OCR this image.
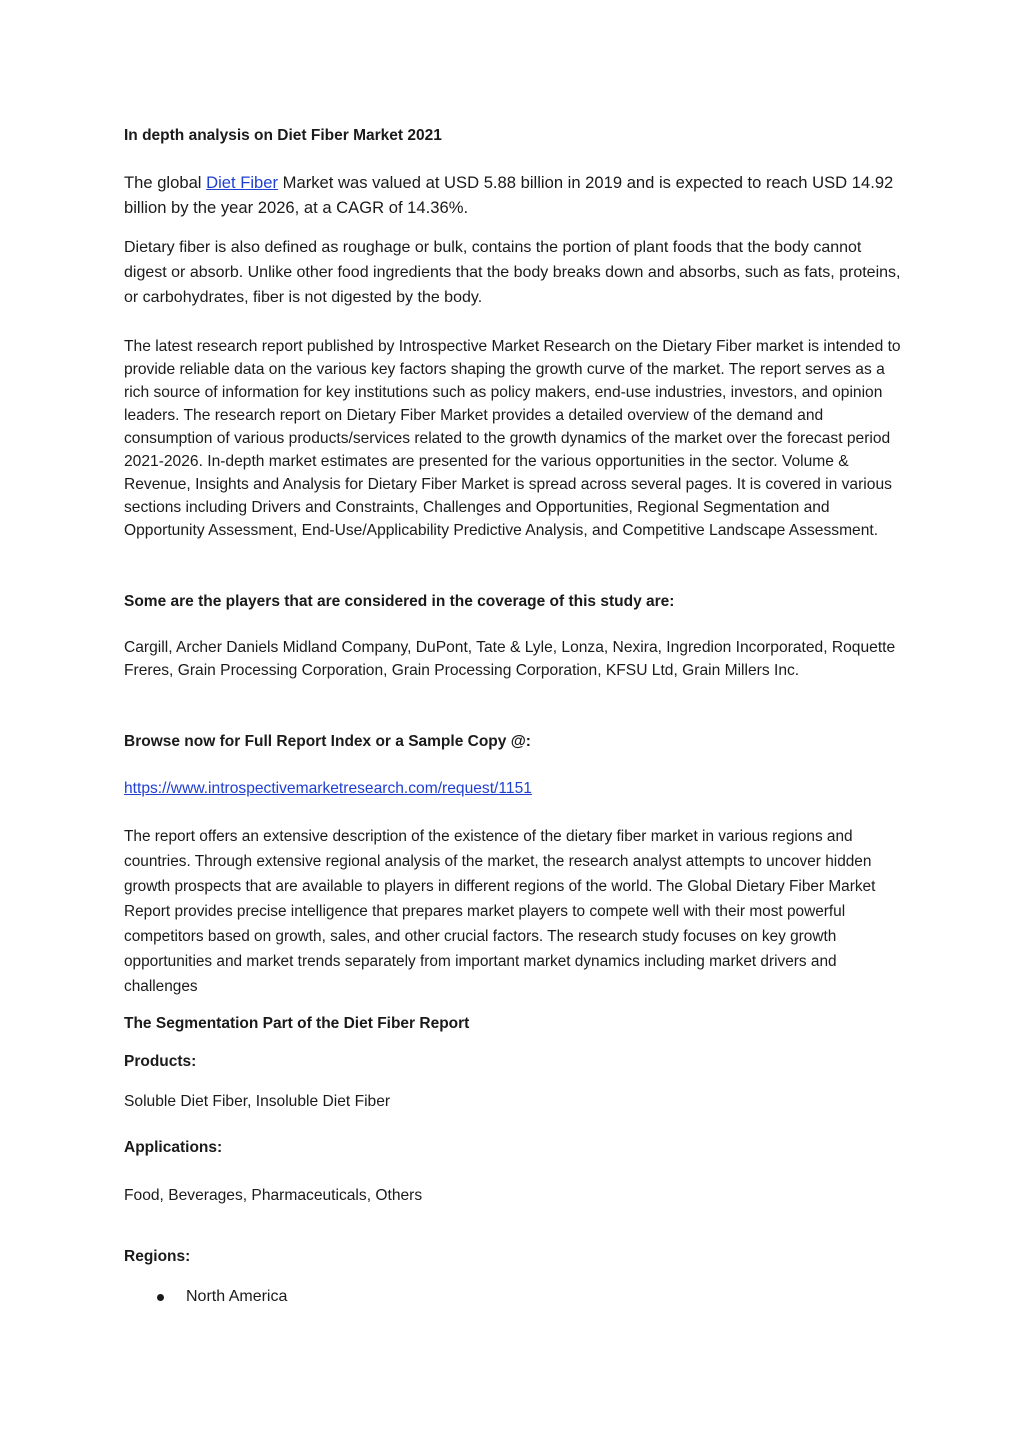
In depth analysis on Diet Fiber Market 2021

The global Diet Fiber Market was valued at USD 5.88 billion in 2019 and is expected to reach USD 14.92 billion by the year 2026, at a CAGR of 14.36%.

Dietary fiber is also defined as roughage or bulk, contains the portion of plant foods that the body cannot digest or absorb. Unlike other food ingredients that the body breaks down and absorbs, such as fats, proteins, or carbohydrates, fiber is not digested by the body.

The latest research report published by Introspective Market Research on the Dietary Fiber market is intended to provide reliable data on the various key factors shaping the growth curve of the market. The report serves as a rich source of information for key institutions such as policy makers, end-use industries, investors, and opinion leaders. The research report on Dietary Fiber Market provides a detailed overview of the demand and consumption of various products/services related to the growth dynamics of the market over the forecast period 2021-2026. In-depth market estimates are presented for the various opportunities in the sector. Volume & Revenue, Insights and Analysis for Dietary Fiber Market is spread across several pages. It is covered in various sections including Drivers and Constraints, Challenges and Opportunities, Regional Segmentation and Opportunity Assessment, End-Use/Applicability Predictive Analysis, and Competitive Landscape Assessment.

Some are the players that are considered in the coverage of this study are:

Cargill, Archer Daniels Midland Company, DuPont, Tate & Lyle, Lonza, Nexira, Ingredion Incorporated, Roquette Freres, Grain Processing Corporation, Grain Processing Corporation, KFSU Ltd, Grain Millers Inc.

Browse now for Full Report Index or a Sample Copy @:

https://www.introspectivemarketresearch.com/request/1151

The report offers an extensive description of the existence of the dietary fiber market in various regions and countries. Through extensive regional analysis of the market, the research analyst attempts to uncover hidden growth prospects that are available to players in different regions of the world. The Global Dietary Fiber Market Report provides precise intelligence that prepares market players to compete well with their most powerful competitors based on growth, sales, and other crucial factors. The research study focuses on key growth opportunities and market trends separately from important market dynamics including market drivers and challenges

The Segmentation Part of the Diet Fiber Report
Products:

Soluble Diet Fiber, Insoluble Diet Fiber

Applications:

Food, Beverages, Pharmaceuticals, Others

Regions:
North America
